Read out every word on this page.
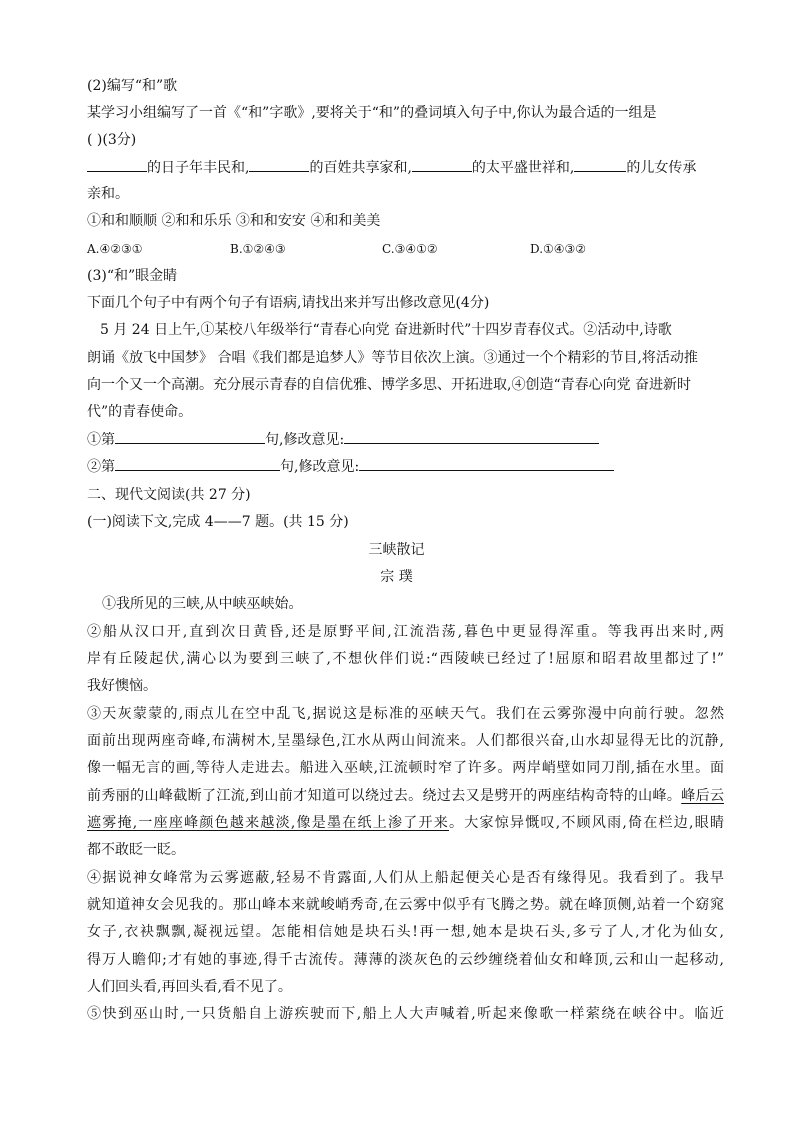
(2)编写“和”歌
某学习小组编写了一首《“和”字歌》,要将关于“和”的叠词填入句子中,你认为最合适的一组是
( )(3分)
的日子年丰民和,	的百姓共享家和,	的太平盛世祥和,	的儿女传承
亲和。
①和和顺顺 ②和和乐乐 ③和和安安 ④和和美美
A.④②③①	B.①②④③	C.③④①②	D.①④③②
(3)“和”眼金睛
下面几个句子中有两个句子有语病,请找出来并写出修改意见(4分)
5 月 24 日上午,①某校八年级举行“青春心向党 奋进新时代”十四岁青春仪式。②活动中,诗歌
朗诵《放飞中国梦》 合唱《我们都是追梦人》等节目依次上演。③通过一个个精彩的节目,将活动推
向一个又一个高潮。充分展示青春的自信优雅、博学多思、开拓进取,④创造“青春心向党 奋进新时
代”的青春使命。
①第	句,修改意见:
②第	句,修改意见:
二、现代文阅读(共 27 分)
(一)阅读下文,完成 4——7 题。(共 15 分)
三峡散记
宗 璞
①我所见的三峡,从中峡巫峡始。
②船从汉口开,直到次日黄昏,还是原野平间,江流浩荡,暮色中更显得浑重。等我再出来时,两
岸有丘陵起伏,满心以为要到三峡了,不想伙伴们说:“西陵峡已经过了!屈原和昭君故里都过了!”
我好懊恼。
③天灰蒙蒙的,雨点儿在空中乱飞,据说这是标准的巫峡天气。我们在云雾弥漫中向前行驶。忽然
面前出现两座奇峰,布满树木,呈墨绿色,江水从两山间流来。人们都很兴奋,山水却显得无比的沉静,
像一幅无言的画,等待人走进去。船进入巫峡,江流顿时窄了许多。两岸峭壁如同刀削,插在水里。面
前秀丽的山峰截断了江流,到山前才知道可以绕过去。绕过去又是劈开的两座结构奇特的山峰。峰后云
遮雾掩,一座座峰颜色越来越淡,像是墨在纸上渗了开来。大家惊异慨叹,不顾风雨,倚在栏边,眼睛
都不敢眨一眨。
④据说神女峰常为云雾遮蔽,轻易不肯露面,人们从上船起便关心是否有缘得见。我看到了。我早
就知道神女会见我的。那山峰本来就峻峭秀奇,在云雾中似乎有飞腾之势。就在峰顶侧,站着一个窈窕
女子,衣袂飘飘,凝视远望。怎能相信她是块石头!再一想,她本是块石头,多亏了人,才化为仙女,
得万人瞻仰;才有她的事迹,得千古流传。薄薄的淡灰色的云纱缠绕着仙女和峰顶,云和山一起移动,
人们回头看,再回头看,看不见了。
⑤快到巫山时,一只货船自上游疾驶而下,船上人大声喊着,听起来像歌一样萦绕在峡谷中。临近
